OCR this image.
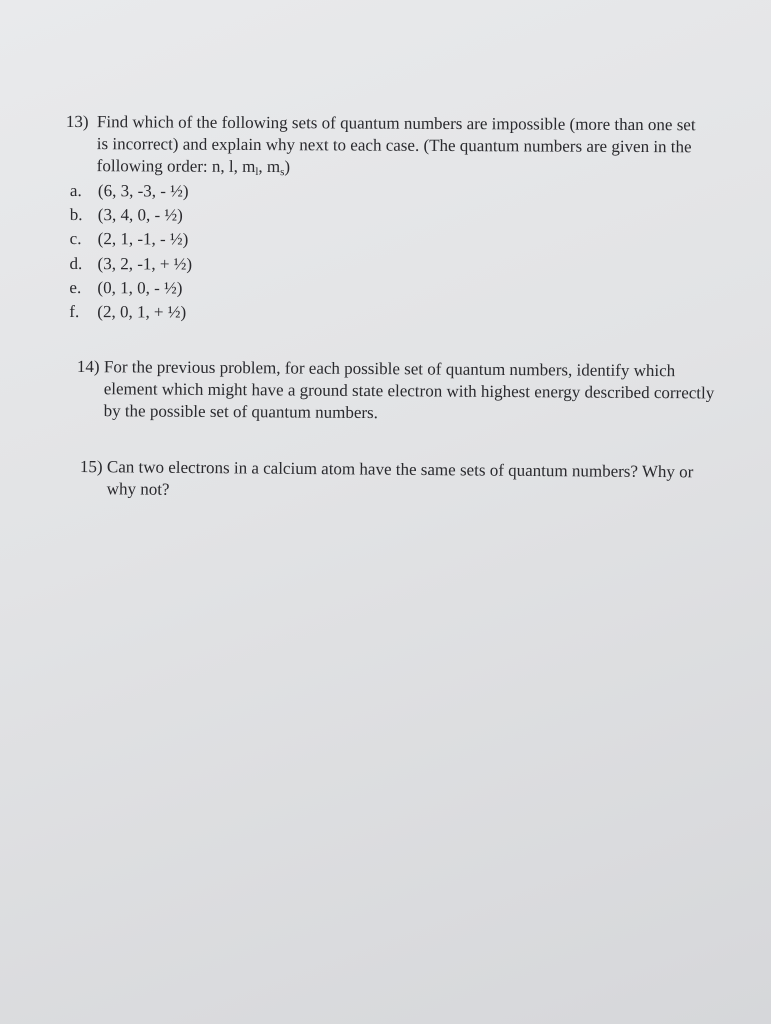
13) Find which of the following sets of quantum numbers are impossible (more than one set
is incorrect) and explain why next to each case. (The quantum numbers are given in the
following order: n, l, $m_l$, $m_s$)
a. (6, 3, -3, - ½)
b. (3, 4, 0, - ½)
c. (2, 1, -1, - ½)
d. (3, 2, -1, + ½)
e. (0, 1, 0, - ½)
f. (2, 0, 1, + ½)
14) For the previous problem, for each possible set of quantum numbers, identify which
element which might have a ground state electron with highest energy described correctly
by the possible set of quantum numbers.
15) Can two electrons in a calcium atom have the same sets of quantum numbers? Why or
why not?
